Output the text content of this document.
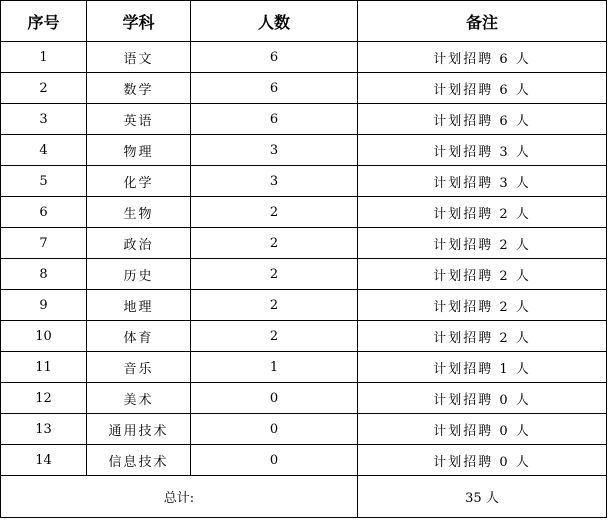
序号	学科	人数	备注
1	语文	6	计划招聘 6 人
2	数学	6	计划招聘 6 人
3	英语	6	计划招聘 6 人
4	物理	3	计划招聘 3 人
5	化学	3	计划招聘 3 人
6	生物	2	计划招聘 2 人
7	政治	2	计划招聘 2 人
8	历史	2	计划招聘 2 人
9	地理	2	计划招聘 2 人
10	体育	2	计划招聘 2 人
11	音乐	1	计划招聘 1 人
12	美术	0	计划招聘 0 人
13	通用技术	0	计划招聘 0 人
14	信息技术	0	计划招聘 0 人
总计:			35 人
